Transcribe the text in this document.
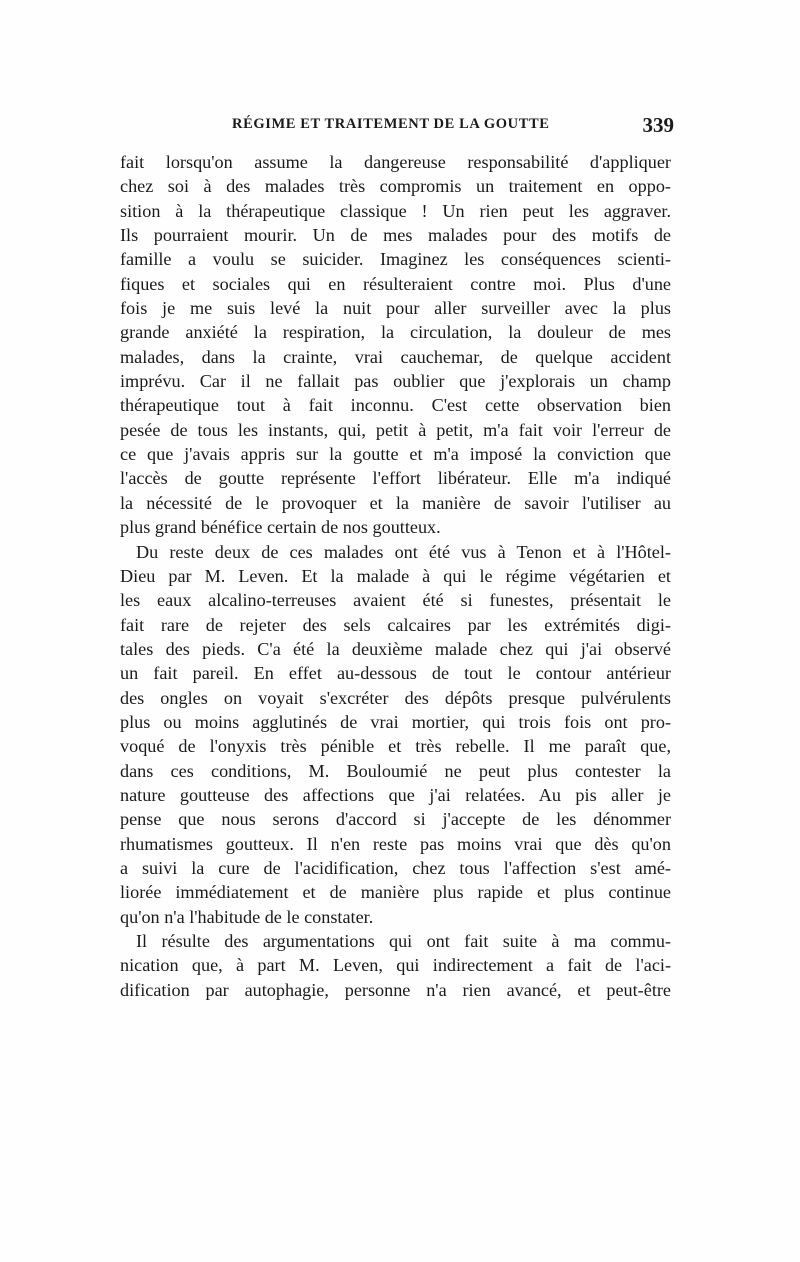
RÉGIME ET TRAITEMENT DE LA GOUTTE	339
fait lorsqu'on assume la dangereuse responsabilité d'appliquer
chez soi à des malades très compromis un traitement en oppo-
sition à la thérapeutique classique ! Un rien peut les aggraver.
Ils pourraient mourir. Un de mes malades pour des motifs de
famille a voulu se suicider. Imaginez les conséquences scienti-
fiques et sociales qui en résulteraient contre moi. Plus d'une
fois je me suis levé la nuit pour aller surveiller avec la plus
grande anxiété la respiration, la circulation, la douleur de mes
malades, dans la crainte, vrai cauchemar, de quelque accident
imprévu. Car il ne fallait pas oublier que j'explorais un champ
thérapeutique tout à fait inconnu. C'est cette observation bien
pesée de tous les instants, qui, petit à petit, m'a fait voir l'erreur de
ce que j'avais appris sur la goutte et m'a imposé la conviction que
l'accès de goutte représente l'effort libérateur. Elle m'a indiqué
la nécessité de le provoquer et la manière de savoir l'utiliser au
plus grand bénéfice certain de nos goutteux.
Du reste deux de ces malades ont été vus à Tenon et à l'Hôtel-
Dieu par M. Leven. Et la malade à qui le régime végétarien et
les eaux alcalino-terreuses avaient été si funestes, présentait le
fait rare de rejeter des sels calcaires par les extrémités digi-
tales des pieds. C'a été la deuxième malade chez qui j'ai observé
un fait pareil. En effet au-dessous de tout le contour antérieur
des ongles on voyait s'excréter des dépôts presque pulvérulents
plus ou moins agglutinés de vrai mortier, qui trois fois ont pro-
voqué de l'onyxis très pénible et très rebelle. Il me paraît que,
dans ces conditions, M. Bouloumié ne peut plus contester la
nature goutteuse des affections que j'ai relatées. Au pis aller je
pense que nous serons d'accord si j'accepte de les dénommer
rhumatismes goutteux. Il n'en reste pas moins vrai que dès qu'on
a suivi la cure de l'acidification, chez tous l'affection s'est amé-
liorée immédiatement et de manière plus rapide et plus continue
qu'on n'a l'habitude de le constater.
Il résulte des argumentations qui ont fait suite à ma commu-
nication que, à part M. Leven, qui indirectement a fait de l'aci-
dification par autophagie, personne n'a rien avancé, et peut-être
